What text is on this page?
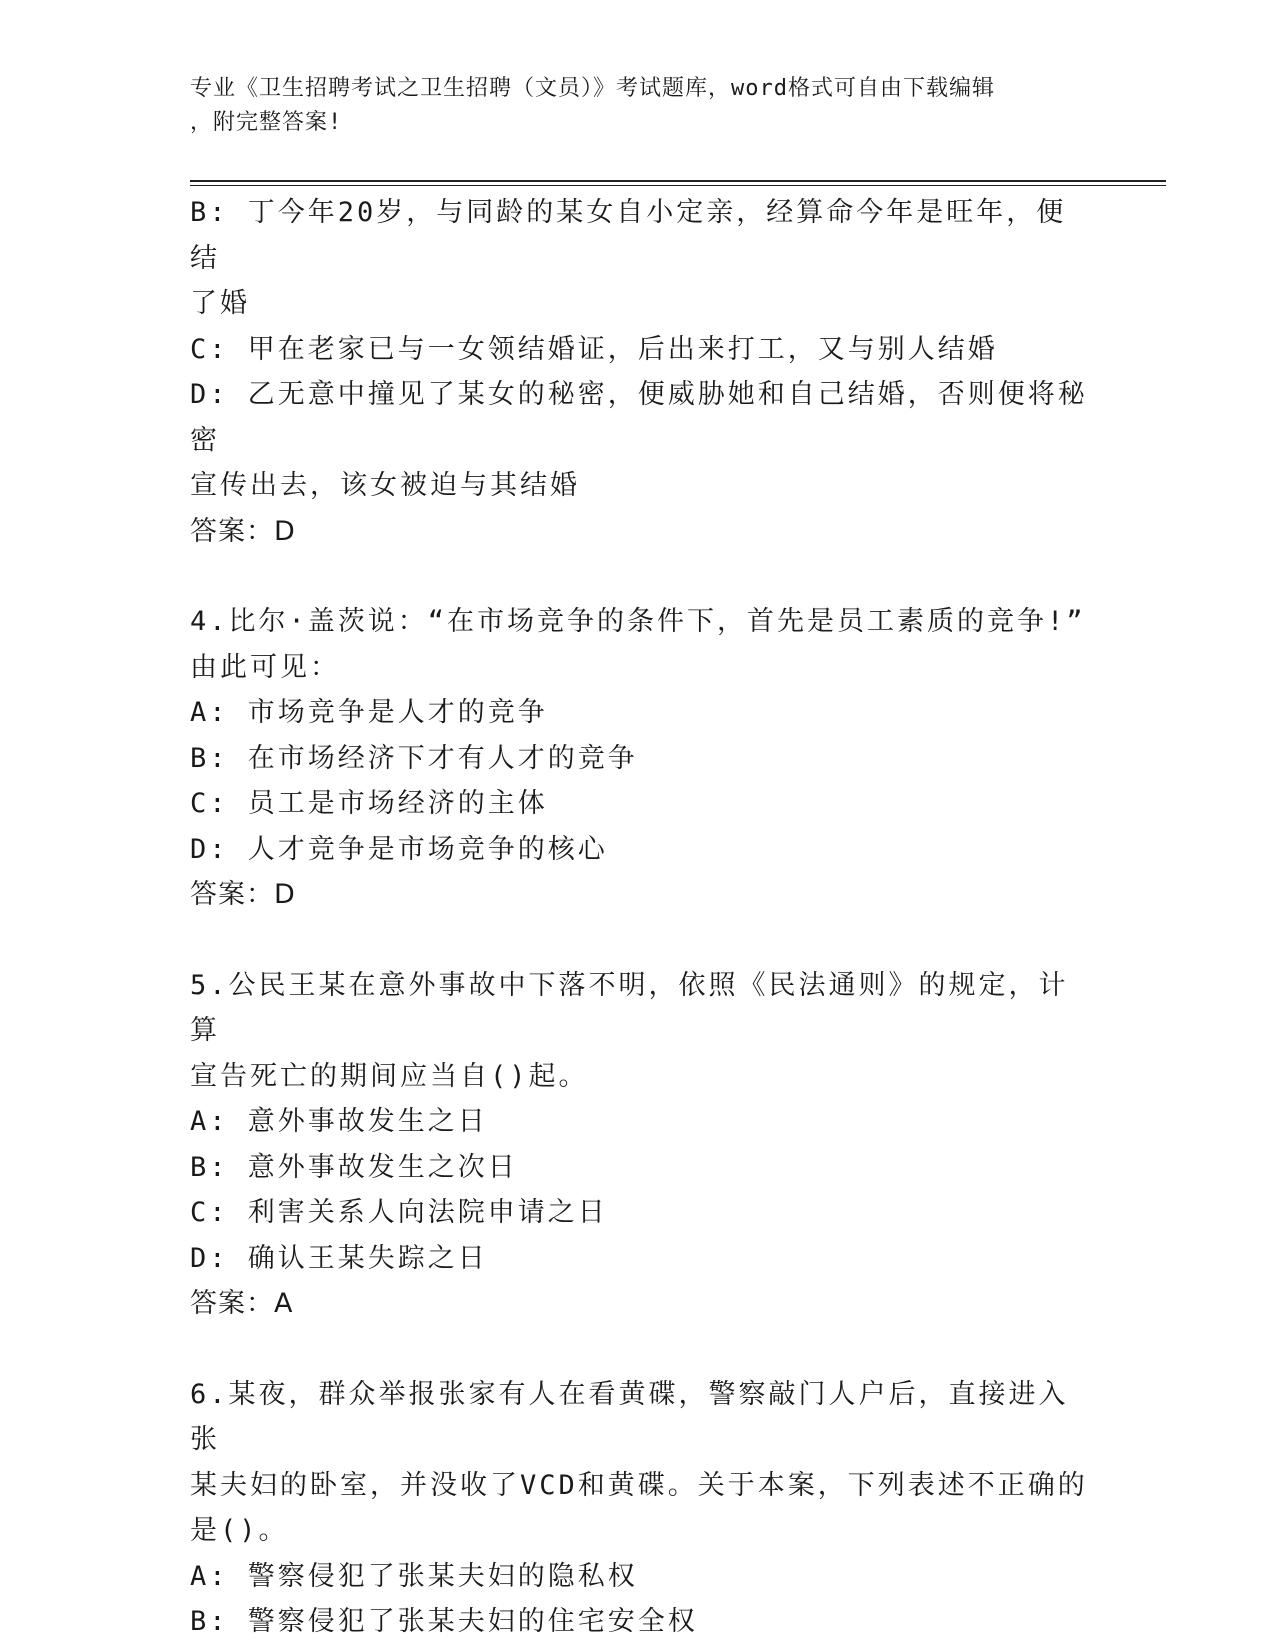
专业《卫生招聘考试之卫生招聘（文员）》考试题库，word格式可自由下载编辑
，附完整答案!
B: 丁今年20岁，与同龄的某女自小定亲，经算命今年是旺年，便结
了婚
C: 甲在老家已与一女领结婚证，后出来打工，又与别人结婚
D: 乙无意中撞见了某女的秘密，便威胁她和自己结婚，否则便将秘密
宣传出去，该女被迫与其结婚
答案：D
4.比尔·盖茨说：“在市场竞争的条件下，首先是员工素质的竞争!”
由此可见：
A: 市场竞争是人才的竞争
B: 在市场经济下才有人才的竞争
C: 员工是市场经济的主体
D: 人才竞争是市场竞争的核心
答案：D
5.公民王某在意外事故中下落不明，依照《民法通则》的规定，计算
宣告死亡的期间应当自()起。
A: 意外事故发生之日
B: 意外事故发生之次日
C: 利害关系人向法院申请之日
D: 确认王某失踪之日
答案：A
6.某夜，群众举报张家有人在看黄碟，警察敲门人户后，直接进入张
某夫妇的卧室，并没收了VCD和黄碟。关于本案，下列表述不正确的
是()。
A: 警察侵犯了张某夫妇的隐私权
B: 警察侵犯了张某夫妇的住宅安全权
